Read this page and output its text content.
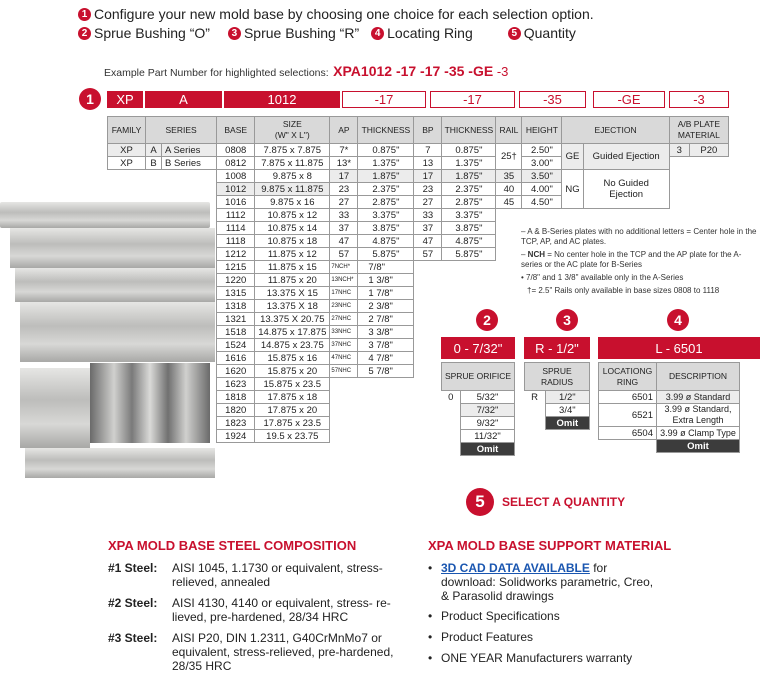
1 Configure your new mold base by choosing one choice for each selection option.
2 Sprue Bushing “O”	3 Sprue Bushing “R”	4 Locating Ring	5 Quantity
Example Part Number for highlighted selections: XPA1012 -17 -17 -35 -GE -3
1	XP	A	1012	-17	-17	-35	-GE	-3
FAMILY	SERIES		BASE	SIZE
(W" X L")	AP	THICKNESS	BP	THICKNESS	RAIL	HEIGHT	EJECTION		A/B PLATE
MATERIAL	
XP	A	A Series	0808	7.875 x 7.875	7*	0.875"	7	0.875"	25†	2.50"	GE	Guided Ejection	3	P20
XP	B	B Series	0812	7.875 x 11.875	13*	1.375"	13	1.375"		3.00"				
			1008	9.875 x 8	17	1.875"	17	1.875"	35	3.50"	NG	No Guided Ejection		
			1012	9.875 x 11.875	23	2.375"	23	2.375"	40	4.00"				
			1016	9.875 x 16	27	2.875"	27	2.875"	45	4.50"				
			1112	10.875 x 12	33	3.375"	33	3.375"						
			1114	10.875 x 14	37	3.875"	37	3.875"						
			1118	10.875 x 18	47	4.875"	47	4.875"						
			1212	11.875 x 12	57	5.875"	57	5.875"						
			1215	11.875 x 15	7NCH*	7/8"								
			1220	11.875 x 20	13NCH*	1 3/8"								
			1315	13.375 X 15	17NHC	1 7/8"								
			1318	13.375 X 18	23NHC	2 3/8"								
			1321	13.375 X 20.75	27NHC	2 7/8"								
			1518	14.875 x 17.875	33NHC	3 3/8"								
			1524	14.875 x 23.75	37NHC	3 7/8"								
			1616	15.875 x 16	47NHC	4 7/8"								
			1620	15.875 x 20	57NHC	5 7/8"								
			1623	15.875 x 23.5										
			1818	17.875 x 18										
			1820	17.875 x 20										
			1823	17.875 x 23.5										
			1924	19.5 x 23.75										
– A & B-Series plates with no additional letters = Center hole in the TCP, AP, and AC plates.
– NCH = No center hole in the TCP and the AP plate for the A-series or the AC plate for B-Series
• 7/8" and 1 3/8" available only in the A-Series
†= 2.5" Rails only available in base sizes 0808 to 1118
2
0 - 7/32"
SPRUE ORIFICE	
0	5/32"
	7/32"
	9/32"
	11/32"
	Omit
3
R - 1/2"
SPRUE RADIUS	
R	1/2"
	3/4"
	Omit
4
L - 6501
LOCATIONG
RING	DESCRIPTION
6501	3.99 ø Standard
6521	3.99 ø Standard, Extra Length
6504	3.99 ø Clamp Type
	Omit
5	SELECT A QUANTITY
XPA MOLD BASE STEEL COMPOSITION
#1 Steel:	AISI 1045, 1.1730 or equivalent, stress- relieved, annealed
#2 Steel:	AISI 4130, 4140 or equivalent, stress- re-lieved, pre-hardened, 28/34 HRC
#3 Steel:	AISI P20, DIN 1.2311, G40CrMnMo7 or equivalent, stress-relieved, pre-hardened, 28/35 HRC
XPA MOLD BASE SUPPORT MATERIAL
• 3D CAD DATA AVAILABLE for download: Solidworks parametric, Creo, & Parasolid drawings
• Product Specifications
• Product Features
• ONE YEAR Manufacturers warranty
